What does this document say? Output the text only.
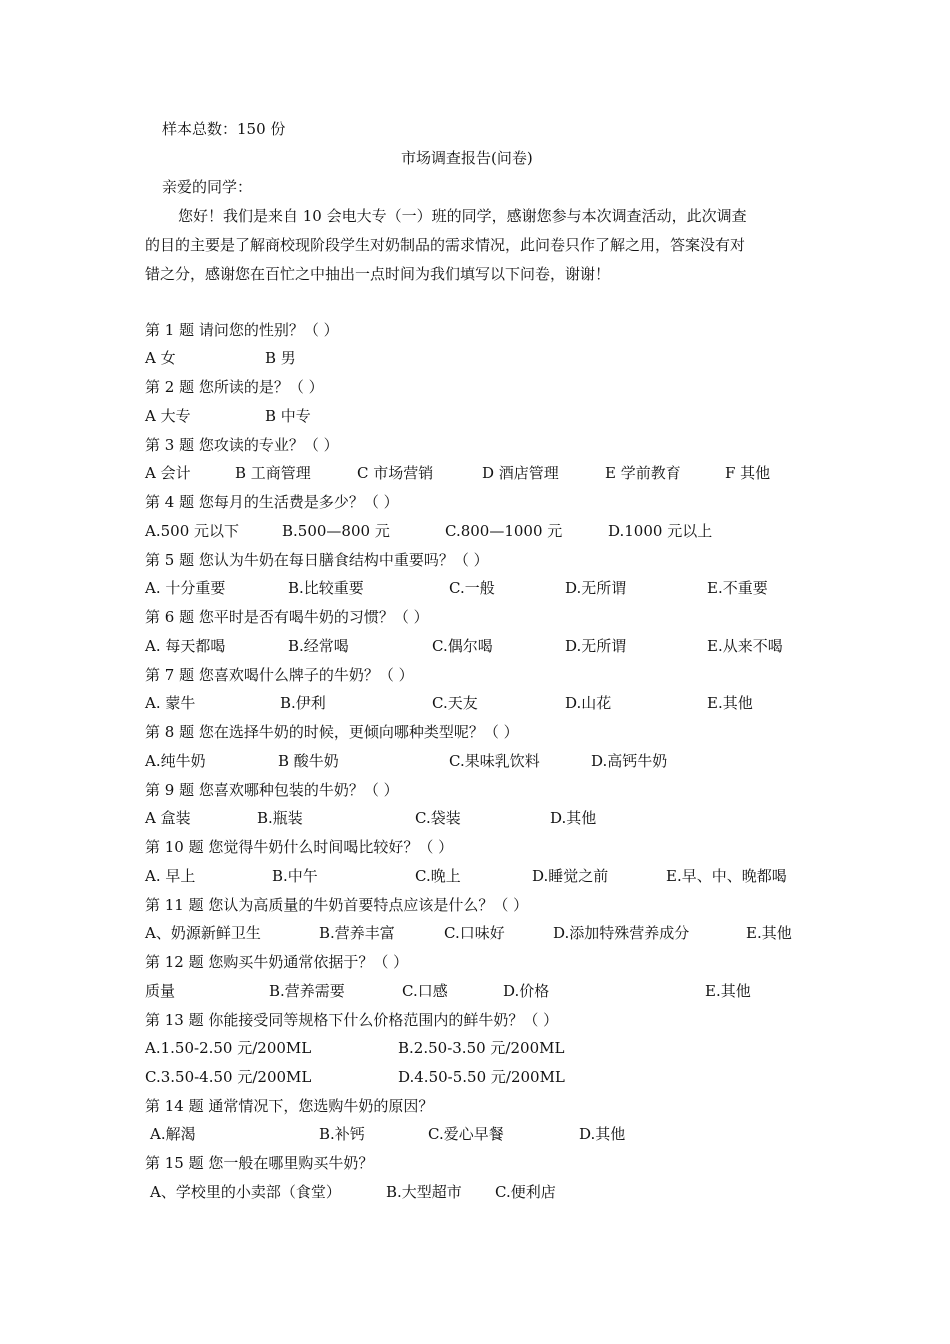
样本总数：150 份
市场调查报告(问卷)
亲爱的同学：
您好！我们是来自 10 会电大专（一）班的同学，感谢您参与本次调查活动，此次调查
的目的主要是了解商校现阶段学生对奶制品的需求情况，此问卷只作了解之用，答案没有对
错之分，感谢您在百忙之中抽出一点时间为我们填写以下问卷，谢谢！
第 1 题 请问您的性别？（ ）
A 女	B 男
第 2 题 您所读的是？（ ）
A 大专	B 中专
第 3 题 您攻读的专业？（ ）
A 会计	B 工商管理	C 市场营销	D 酒店管理	E 学前教育	F 其他
第 4 题 您每月的生活费是多少？（ ）
A.500 元以下	B.500—800 元	C.800—1000 元	D.1000 元以上
第 5 题 您认为牛奶在每日膳食结构中重要吗？（ ）
A. 十分重要	B.比较重要	C.一般	D.无所谓	E.不重要
第 6 题 您平时是否有喝牛奶的习惯？（ ）
A. 每天都喝	B.经常喝	C.偶尔喝	D.无所谓	E.从来不喝
第 7 题 您喜欢喝什么牌子的牛奶？（ ）
A. 蒙牛	B.伊利	C.天友	D.山花	E.其他
第 8 题 您在选择牛奶的时候，更倾向哪种类型呢？（ ）
A.纯牛奶	B 酸牛奶	C.果味乳饮料	D.高钙牛奶
第 9 题 您喜欢哪种包装的牛奶？（ ）
A 盒装	B.瓶装	C.袋装	D.其他
第 10 题 您觉得牛奶什么时间喝比较好？（ ）
A. 早上	B.中午	C.晚上	D.睡觉之前	E.早、中、晚都喝
第 11 题 您认为高质量的牛奶首要特点应该是什么？（ ）
A、奶源新鲜卫生	B.营养丰富	C.口味好	D.添加特殊营养成分	E.其他
第 12 题 您购买牛奶通常依据于？（ ）
质量	B.营养需要	C.口感	D.价格	E.其他
第 13 题 你能接受同等规格下什么价格范围内的鲜牛奶？（ ）
A.1.50-2.50 元/200ML	B.2.50-3.50 元/200ML
C.3.50-4.50 元/200ML	D.4.50-5.50 元/200ML
第 14 题 通常情况下，您选购牛奶的原因？
A.解渴	B.补钙	C.爱心早餐	D.其他
第 15 题 您一般在哪里购买牛奶？
A、学校里的小卖部（食堂）	B.大型超市 C.便利店
